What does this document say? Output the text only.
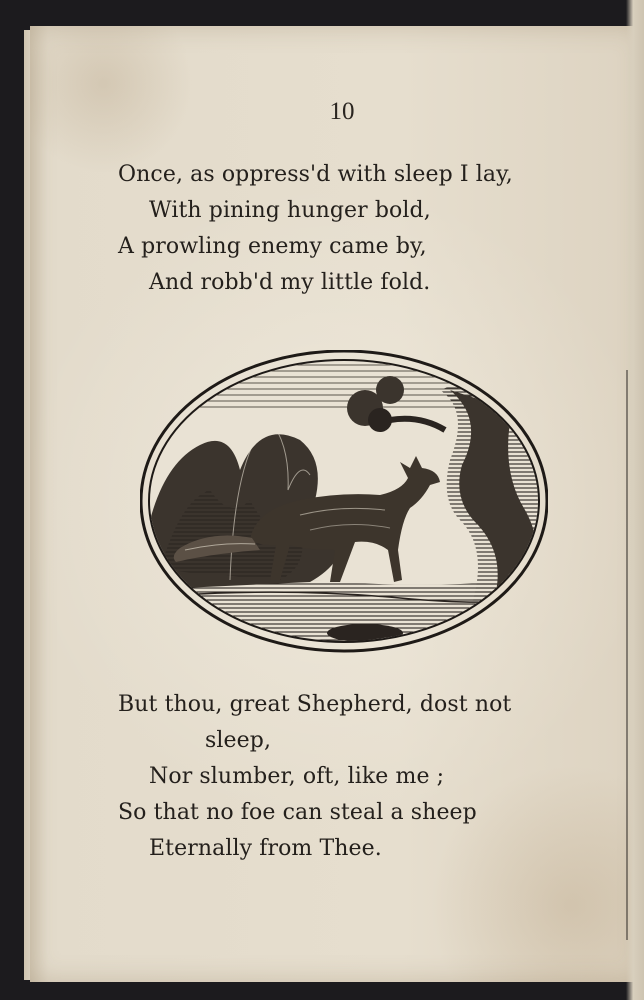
10
Once, as oppress'd with sleep I lay,
With pining hunger bold,
A prowling enemy came by,
And robb'd my little fold.
But thou, great Shepherd, dost not
sleep,
Nor slumber, oft, like me ;
So that no foe can steal a sheep
Eternally from Thee.
